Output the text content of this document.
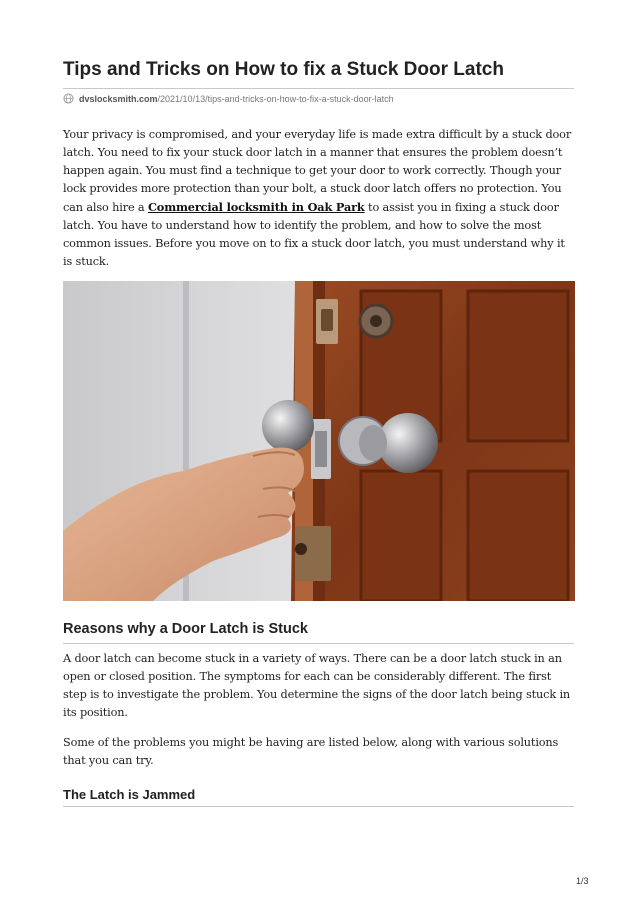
Tips and Tricks on How to fix a Stuck Door Latch
dvslocksmith.com /2021/10/13/tips-and-tricks-on-how-to-fix-a-stuck-door-latch

Your privacy is compromised, and your everyday life is made extra difficult by a stuck door latch. You need to fix your stuck door latch in a manner that ensures the problem doesn’t happen again. You must find a technique to get your door to work correctly. Though your lock provides more protection than your bolt, a stuck door latch offers no protection. You can also hire a Commercial locksmith in Oak Park to assist you in fixing a stuck door latch. You have to understand how to identify the problem, and how to solve the most common issues. Before you move on to fix a stuck door latch, you must understand why it is stuck.

Reasons why a Door Latch is Stuck

A door latch can become stuck in a variety of ways. There can be a door latch stuck in an open or closed position. The symptoms for each can be considerably different. The first step is to investigate the problem. You determine the signs of the door latch being stuck in its position.

Some of the problems you might be having are listed below, along with various solutions that you can try.

The Latch is Jammed
1/3
